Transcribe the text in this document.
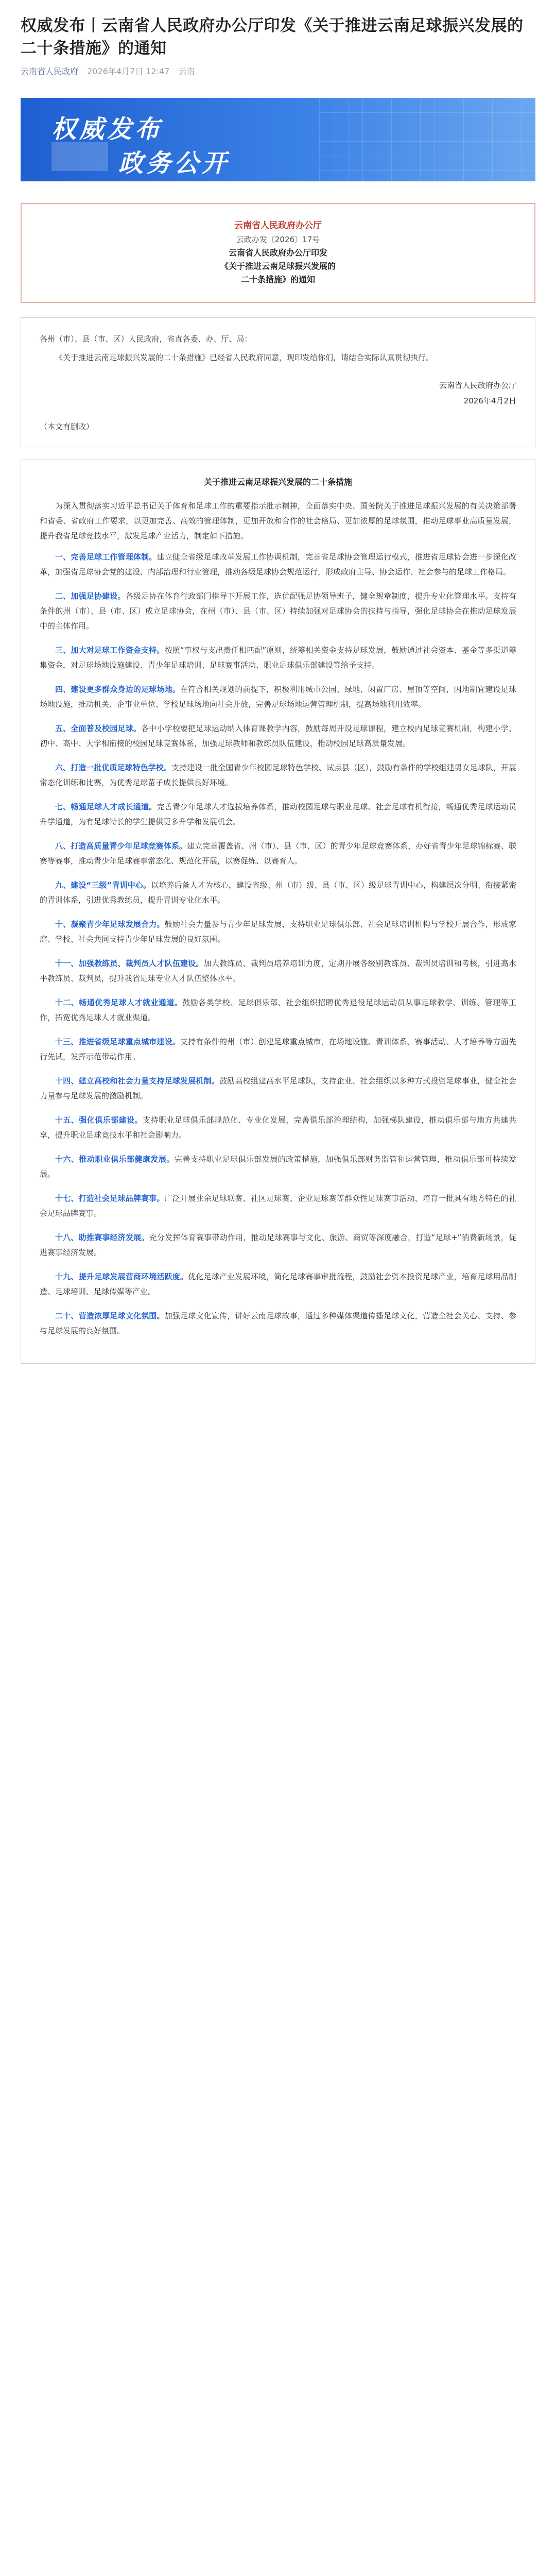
权威发布丨云南省人民政府办公厅印发《关于推进云南足球振兴发展的二十条措施》的通知
云南省人民政府 2026年4月7日 12:47 云南
权威发布
政务公开
云南省人民政府办公厅
云政办发〔2026〕17号
云南省人民政府办公厅印发
《关于推进云南足球振兴发展的
二十条措施》的通知

各州（市）、县（市、区）人民政府，省直各委、办、厅、局：

《关于推进云南足球振兴发展的二十条措施》已经省人民政府同意，现印发给你们，请结合实际认真贯彻执行。

云南省人民政府办公厅

2026年4月2日

（本文有删改）

关于推进云南足球振兴发展的二十条措施

为深入贯彻落实习近平总书记关于体育和足球工作的重要指示批示精神，全面落实中央、国务院关于推进足球振兴发展的有关决策部署和省委、省政府工作要求，以更加完善、高效的管理体制，更加开放和合作的社会格局、更加浓厚的足球氛围，推动足球事业高质量发展，提升我省足球竞技水平，激发足球产业活力，制定如下措施。

一、完善足球工作管理体制。建立健全省级足球改革发展工作协调机制，完善省足球协会管理运行模式，推进省足球协会进一步深化改革，加强省足球协会党的建设、内部治理和行业管理，推动各级足球协会规范运行，形成政府主导、协会运作、社会参与的足球工作格局。

二、加强足协建设。各级足协在体育行政部门指导下开展工作，选优配强足协领导班子，健全规章制度，提升专业化管理水平。支持有条件的州（市）、县（市、区）成立足球协会，在州（市）、县（市、区）持续加强对足球协会的扶持与指导，强化足球协会在推动足球发展中的主体作用。

三、加大对足球工作资金支持。按照“事权与支出责任相匹配”原则，统筹相关资金支持足球发展，鼓励通过社会资本、基金等多渠道筹集资金，对足球场地设施建设、青少年足球培训、足球赛事活动、职业足球俱乐部建设等给予支持。

四、建设更多群众身边的足球场地。在符合相关规划的前提下，积极利用城市公园、绿地、闲置厂房、屋顶等空间，因地制宜建设足球场地设施，推动机关、企事业单位、学校足球场地向社会开放，完善足球场地运营管理机制，提高场地利用效率。

五、全面普及校园足球。各中小学校要把足球运动纳入体育课教学内容，鼓励每周开设足球课程，建立校内足球竞赛机制，构建小学、初中、高中、大学相衔接的校园足球竞赛体系，加强足球教师和教练员队伍建设，推动校园足球高质量发展。

六、打造一批优质足球特色学校。支持建设一批全国青少年校园足球特色学校、试点县（区），鼓励有条件的学校组建男女足球队，开展常态化训练和比赛，为优秀足球苗子成长提供良好环境。

七、畅通足球人才成长通道。完善青少年足球人才选拔培养体系，推动校园足球与职业足球、社会足球有机衔接，畅通优秀足球运动员升学通道，为有足球特长的学生提供更多升学和发展机会。

八、打造高质量青少年足球竞赛体系。建立完善覆盖省、州（市）、县（市、区）的青少年足球竞赛体系，办好省青少年足球锦标赛、联赛等赛事，推动青少年足球赛事常态化、规范化开展，以赛促练、以赛育人。

九、建设“三级”青训中心。以培养后备人才为核心，建设省级、州（市）级、县（市、区）级足球青训中心，构建层次分明、衔接紧密的青训体系，引进优秀教练员，提升青训专业化水平。

十、凝聚青少年足球发展合力。鼓励社会力量参与青少年足球发展，支持职业足球俱乐部、社会足球培训机构与学校开展合作，形成家庭、学校、社会共同支持青少年足球发展的良好氛围。

十一、加强教练员、裁判员人才队伍建设。加大教练员、裁判员培养培训力度，定期开展各级别教练员、裁判员培训和考核，引进高水平教练员、裁判员，提升我省足球专业人才队伍整体水平。

十二、畅通优秀足球人才就业通道。鼓励各类学校、足球俱乐部、社会组织招聘优秀退役足球运动员从事足球教学、训练、管理等工作，拓宽优秀足球人才就业渠道。

十三、推进省级足球重点城市建设。支持有条件的州（市）创建足球重点城市，在场地设施、青训体系、赛事活动、人才培养等方面先行先试，发挥示范带动作用。

十四、建立高校和社会力量支持足球发展机制。鼓励高校组建高水平足球队，支持企业、社会组织以多种方式投资足球事业，健全社会力量参与足球发展的激励机制。

十五、强化俱乐部建设。支持职业足球俱乐部规范化、专业化发展，完善俱乐部治理结构，加强梯队建设，推动俱乐部与地方共建共享，提升职业足球竞技水平和社会影响力。

十六、推动职业俱乐部健康发展。完善支持职业足球俱乐部发展的政策措施，加强俱乐部财务监管和运营管理，推动俱乐部可持续发展。

十七、打造社会足球品牌赛事。广泛开展业余足球联赛、社区足球赛、企业足球赛等群众性足球赛事活动，培育一批具有地方特色的社会足球品牌赛事。

十八、助推赛事经济发展。充分发挥体育赛事带动作用，推动足球赛事与文化、旅游、商贸等深度融合，打造“足球+”消费新场景，促进赛事经济发展。

十九、提升足球发展营商环境活跃度。优化足球产业发展环境，简化足球赛事审批流程，鼓励社会资本投资足球产业，培育足球用品制造、足球培训、足球传媒等产业。

二十、营造浓厚足球文化氛围。加强足球文化宣传，讲好云南足球故事，通过多种媒体渠道传播足球文化，营造全社会关心、支持、参与足球发展的良好氛围。
